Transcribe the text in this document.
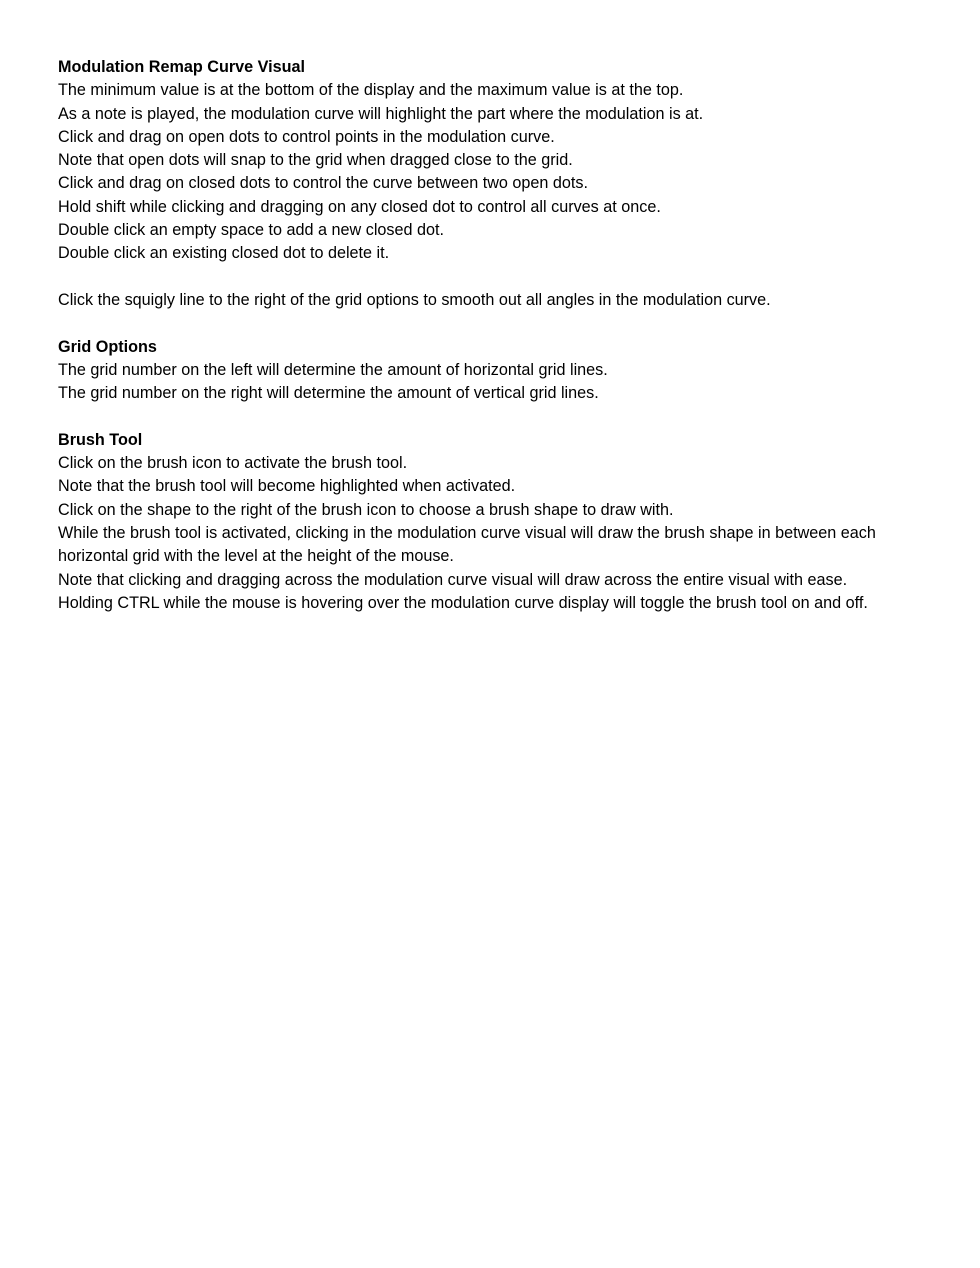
Modulation Remap Curve Visual

The minimum value is at the bottom of the display and the maximum value is at the top.

As a note is played, the modulation curve will highlight the part where the modulation is at.

Click and drag on open dots to control points in the modulation curve.

Note that open dots will snap to the grid when dragged close to the grid.

Click and drag on closed dots to control the curve between two open dots.

Hold shift while clicking and dragging on any closed dot to control all curves at once.

Double click an empty space to add a new closed dot.

Double click an existing closed dot to delete it.

Click the squigly line to the right of the grid options to smooth out all angles in the modulation curve.

Grid Options

The grid number on the left will determine the amount of horizontal grid lines.

The grid number on the right will determine the amount of vertical grid lines.

Brush Tool

Click on the brush icon to activate the brush tool.

Note that the brush tool will become highlighted when activated.

Click on the shape to the right of the brush icon to choose a brush shape to draw with.

While the brush tool is activated, clicking in the modulation curve visual will draw the brush shape in between each horizontal grid with the level at the height of the mouse.

Note that clicking and dragging across the modulation curve visual will draw across the entire visual with ease.

Holding CTRL while the mouse is hovering over the modulation curve display will toggle the brush tool on and off.
